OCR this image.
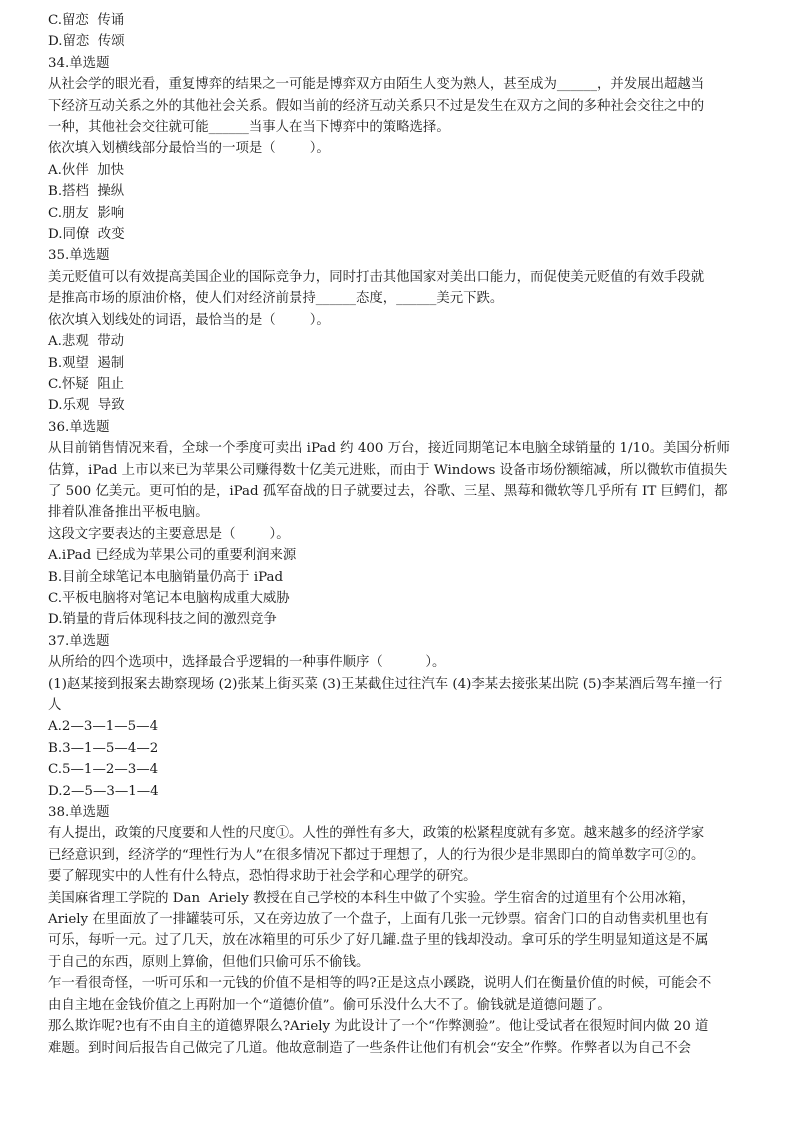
C.留恋  传诵

D.留恋  传颂

34.单选题

从社会学的眼光看，重复博弈的结果之一可能是博弈双方由陌生人变为熟人，甚至成为______，并发展出超越当

下经济互动关系之外的其他社会关系。假如当前的经济互动关系只不过是发生在双方之间的多种社会交往之中的

一种，其他社会交往就可能______当事人在当下博弈中的策略选择。

依次填入划横线部分最恰当的一项是（        ）。

A.伙伴  加快

B.搭档  操纵

C.朋友  影响

D.同僚  改变

35.单选题

美元贬值可以有效提高美国企业的国际竞争力，同时打击其他国家对美出口能力，而促使美元贬值的有效手段就

是推高市场的原油价格，使人们对经济前景持______态度，______美元下跌。

依次填入划线处的词语，最恰当的是（        ）。

A.悲观  带动

B.观望  遏制

C.怀疑  阻止

D.乐观  导致

36.单选题

从目前销售情况来看，全球一个季度可卖出 iPad 约 400 万台，接近同期笔记本电脑全球销量的 1/10。美国分析师

估算，iPad 上市以来已为苹果公司赚得数十亿美元进账，而由于 Windows 设备市场份额缩减，所以微软市值损失

了 500 亿美元。更可怕的是，iPad 孤军奋战的日子就要过去，谷歌、三星、黑莓和微软等几乎所有 IT 巨鳄们，都

排着队准备推出平板电脑。

这段文字要表达的主要意思是（        ）。

A.iPad 已经成为苹果公司的重要利润来源

B.目前全球笔记本电脑销量仍高于 iPad

C.平板电脑将对笔记本电脑构成重大威胁

D.销量的背后体现科技之间的激烈竞争

37.单选题

从所给的四个选项中，选择最合乎逻辑的一种事件顺序（          ）。

(1)赵某接到报案去勘察现场 (2)张某上街买菜 (3)王某截住过往汽车 (4)李某去接张某出院 (5)李某酒后驾车撞一行

人

A.2—3—1—5—4

B.3—1—5—4—2

C.5—1—2—3—4

D.2—5—3—1—4

38.单选题

有人提出，政策的尺度要和人性的尺度①。人性的弹性有多大，政策的松紧程度就有多宽。越来越多的经济学家

已经意识到，经济学的“理性行为人”在很多情况下都过于理想了，人的行为很少是非黑即白的简单数字可②的。

要了解现实中的人性有什么特点，恐怕得求助于社会学和心理学的研究。

美国麻省理工学院的 Dan  Ariely 教授在自己学校的本科生中做了个实验。学生宿舍的过道里有个公用冰箱，

Ariely 在里面放了一排罐装可乐，又在旁边放了一个盘子，上面有几张一元钞票。宿舍门口的自动售卖机里也有

可乐，每听一元。过了几天，放在冰箱里的可乐少了好几罐.盘子里的钱却没动。拿可乐的学生明显知道这是不属

于自己的东西，原则上算偷，但他们只偷可乐不偷钱。

乍一看很奇怪，一听可乐和一元钱的价值不是相等的吗?正是这点小蹊跷，说明人们在衡量价值的时候，可能会不

由自主地在金钱价值之上再附加一个“道德价值”。偷可乐没什么大不了。偷钱就是道德问题了。

那么欺诈呢?也有不由自主的道德界限么?Ariely 为此设计了一个“作弊测验”。他让受试者在很短时间内做 20 道

难题。到时间后报告自己做完了几道。他故意制造了一些条件让他们有机会“安全”作弊。作弊者以为自己不会
